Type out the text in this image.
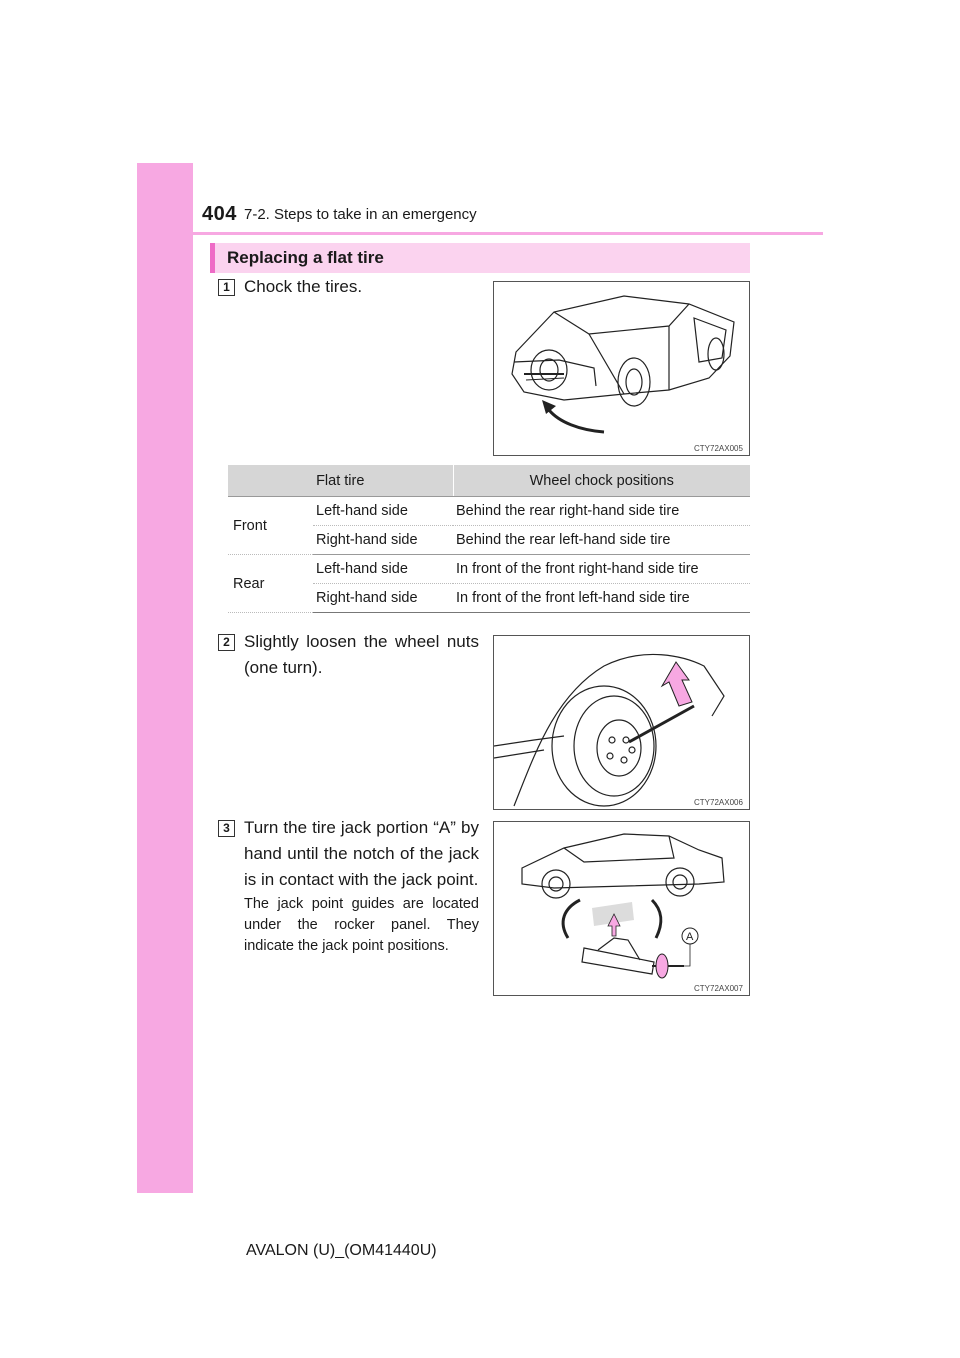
404 7-2. Steps to take in an emergency
Replacing a flat tire
1 Chock the tires.
CTY72AX005
Flat tire		Wheel chock positions
Front	Left-hand side	Behind the rear right-hand side tire
	Right-hand side	Behind the rear left-hand side tire
Rear	Left-hand side	In front of the front right-hand side tire
	Right-hand side	In front of the front left-hand side tire
2 Slightly loosen the wheel nuts (one turn).
CTY72AX006
3 Turn the tire jack portion “A” by hand until the notch of the jack is in contact with the jack point.
The jack point guides are located under the rocker panel. They indicate the jack point positions.
A
CTY72AX007
AVALON (U)_(OM41440U)
